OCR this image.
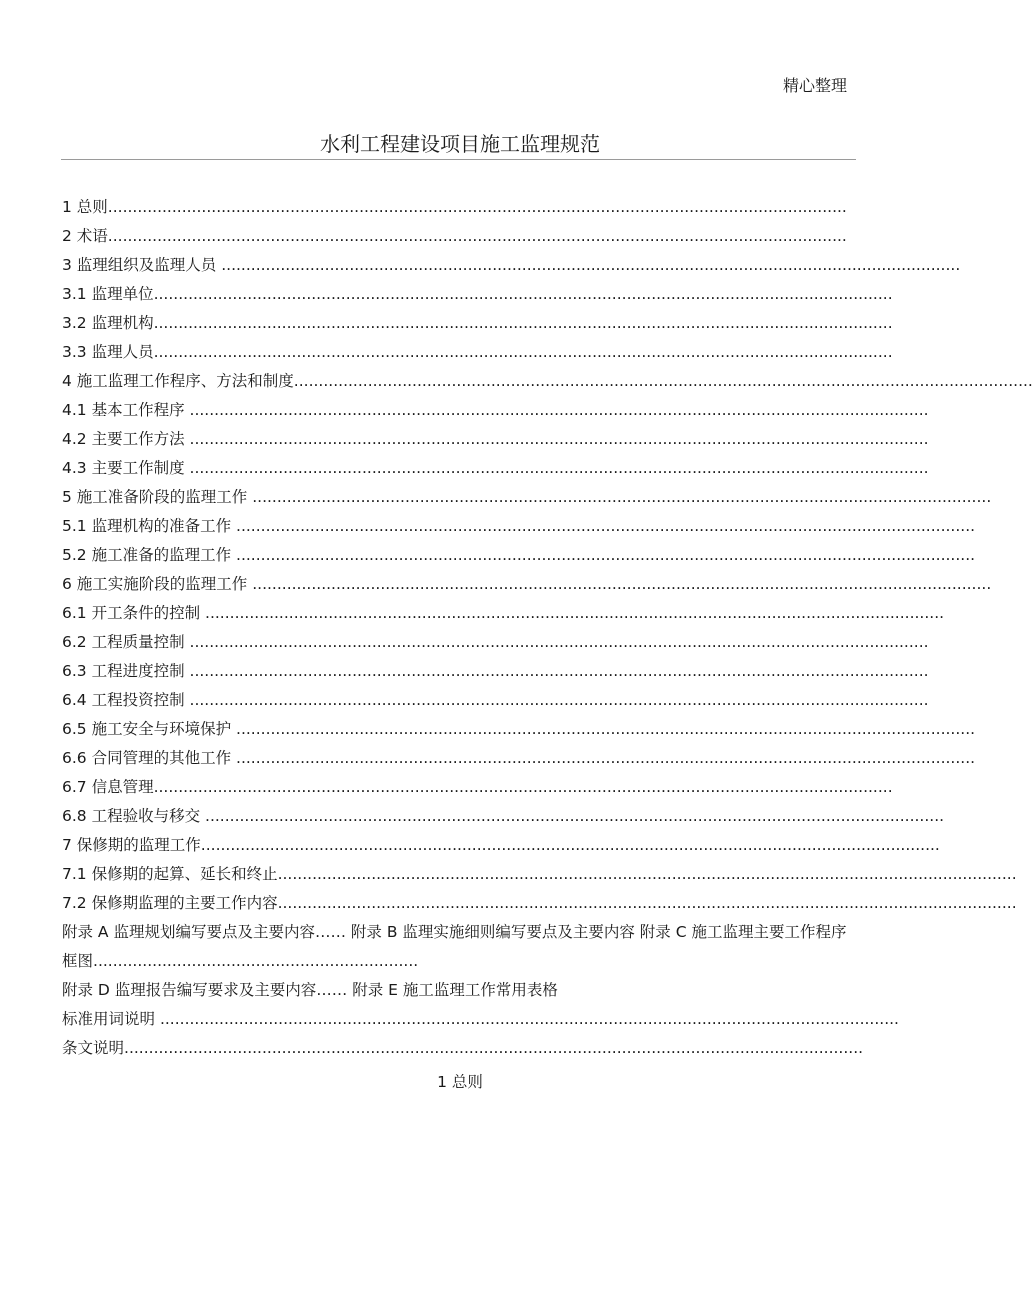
精心整理
水利工程建设项目施工监理规范
1 总则......................................................................................................................................................
2 术语......................................................................................................................................................
3 监理组织及监理人员 ......................................................................................................................................................
3.1 监理单位......................................................................................................................................................
3.2 监理机构......................................................................................................................................................
3.3 监理人员......................................................................................................................................................
4 施工监理工作程序、方法和制度......................................................................................................................................................
4.1 基本工作程序 ......................................................................................................................................................
4.2 主要工作方法 ......................................................................................................................................................
4.3 主要工作制度 ......................................................................................................................................................
5 施工准备阶段的监理工作 ......................................................................................................................................................
5.1 监理机构的准备工作 ......................................................................................................................................................
5.2 施工准备的监理工作 ......................................................................................................................................................
6 施工实施阶段的监理工作 ......................................................................................................................................................
6.1 开工条件的控制 ......................................................................................................................................................
6.2 工程质量控制 ......................................................................................................................................................
6.3 工程进度控制 ......................................................................................................................................................
6.4 工程投资控制 ......................................................................................................................................................
6.5 施工安全与环境保护 ......................................................................................................................................................
6.6 合同管理的其他工作 ......................................................................................................................................................
6.7 信息管理......................................................................................................................................................
6.8 工程验收与移交 ......................................................................................................................................................
7 保修期的监理工作......................................................................................................................................................
7.1 保修期的起算、延长和终止......................................................................................................................................................
7.2 保修期监理的主要工作内容......................................................................................................................................................
附录 A 监理规划编写要点及主要内容…… 附录 B 监理实施细则编写要点及主要内容 附录 C 施工监理主要工作程序框图..................................................................
附录 D 监理报告编写要求及主要内容…… 附录 E 施工监理工作常用表格
标准用词说明 ......................................................................................................................................................
条文说明......................................................................................................................................................
1 总则
